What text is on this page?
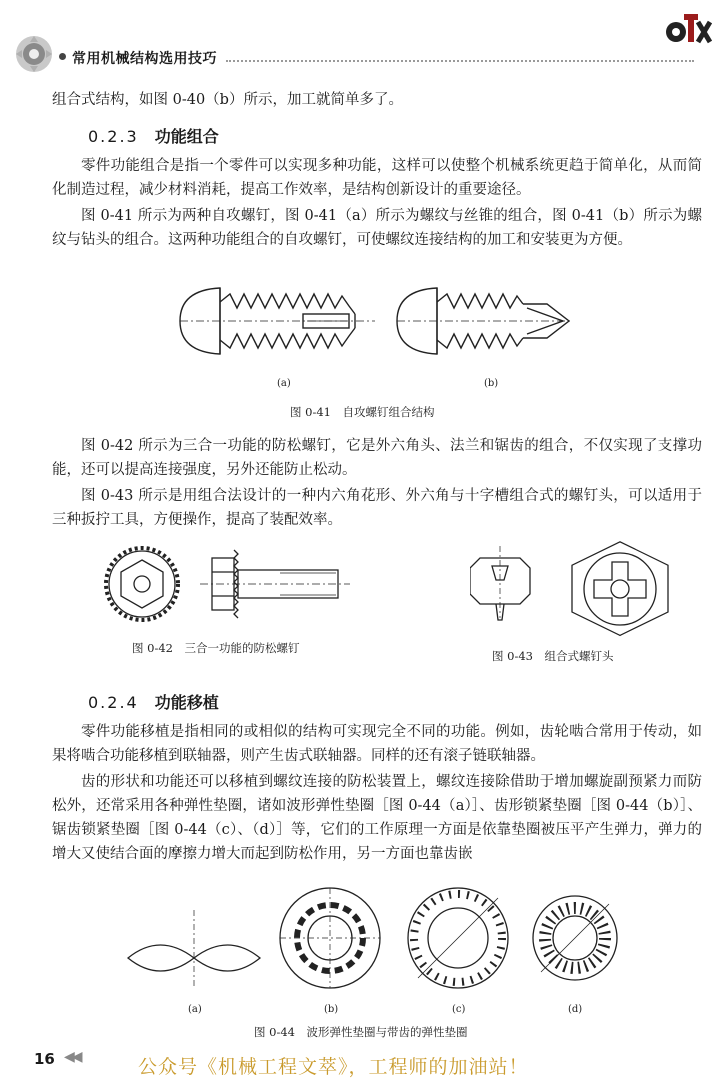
常用机械结构选用技巧

组合式结构，如图 0-40（b）所示，加工就简单多了。

0.2.3 功能组合

零件功能组合是指一个零件可以实现多种功能，这样可以使整个机械系统更趋于简单化，从而简化制造过程，减少材料消耗，提高工作效率，是结构创新设计的重要途径。

图 0-41 所示为两种自攻螺钉，图 0-41（a）所示为螺纹与丝锥的组合，图 0-41（b）所示为螺纹与钻头的组合。这两种功能组合的自攻螺钉，可使螺纹连接结构的加工和安装更为方便。

(a)	(b)
图 0-41　自攻螺钉组合结构

图 0-42 所示为三合一功能的防松螺钉，它是外六角头、法兰和锯齿的组合，不仅实现了支撑功能，还可以提高连接强度，另外还能防止松动。

图 0-43 所示是用组合法设计的一种内六角花形、外六角与十字槽组合式的螺钉头，可以适用于三种扳拧工具，方便操作，提高了装配效率。

图 0-42　三合一功能的防松螺钉
图 0-43　组合式螺钉头
0.2.4 功能移植

零件功能移植是指相同的或相似的结构可实现完全不同的功能。例如，齿轮啮合常用于传动，如果将啮合功能移植到联轴器，则产生齿式联轴器。同样的还有滚子链联轴器。

齿的形状和功能还可以移植到螺纹连接的防松装置上，螺纹连接除借助于增加螺旋副预紧力而防松外，还常采用各种弹性垫圈，诸如波形弹性垫圈［图 0-44（a）］、齿形锁紧垫圈［图 0-44（b）］、锯齿锁紧垫圈［图 0-44（c）、（d）］等，它们的工作原理一方面是依靠垫圈被压平产生弹力，弹力的增大又使结合面的摩擦力增大而起到防松作用，另一方面也靠齿嵌

(a)	(b)	(c)	(d)
图 0-44　波形弹性垫圈与带齿的弹性垫圈
16 ◀◀	公众号《机械工程文萃》，工程师的加油站！
